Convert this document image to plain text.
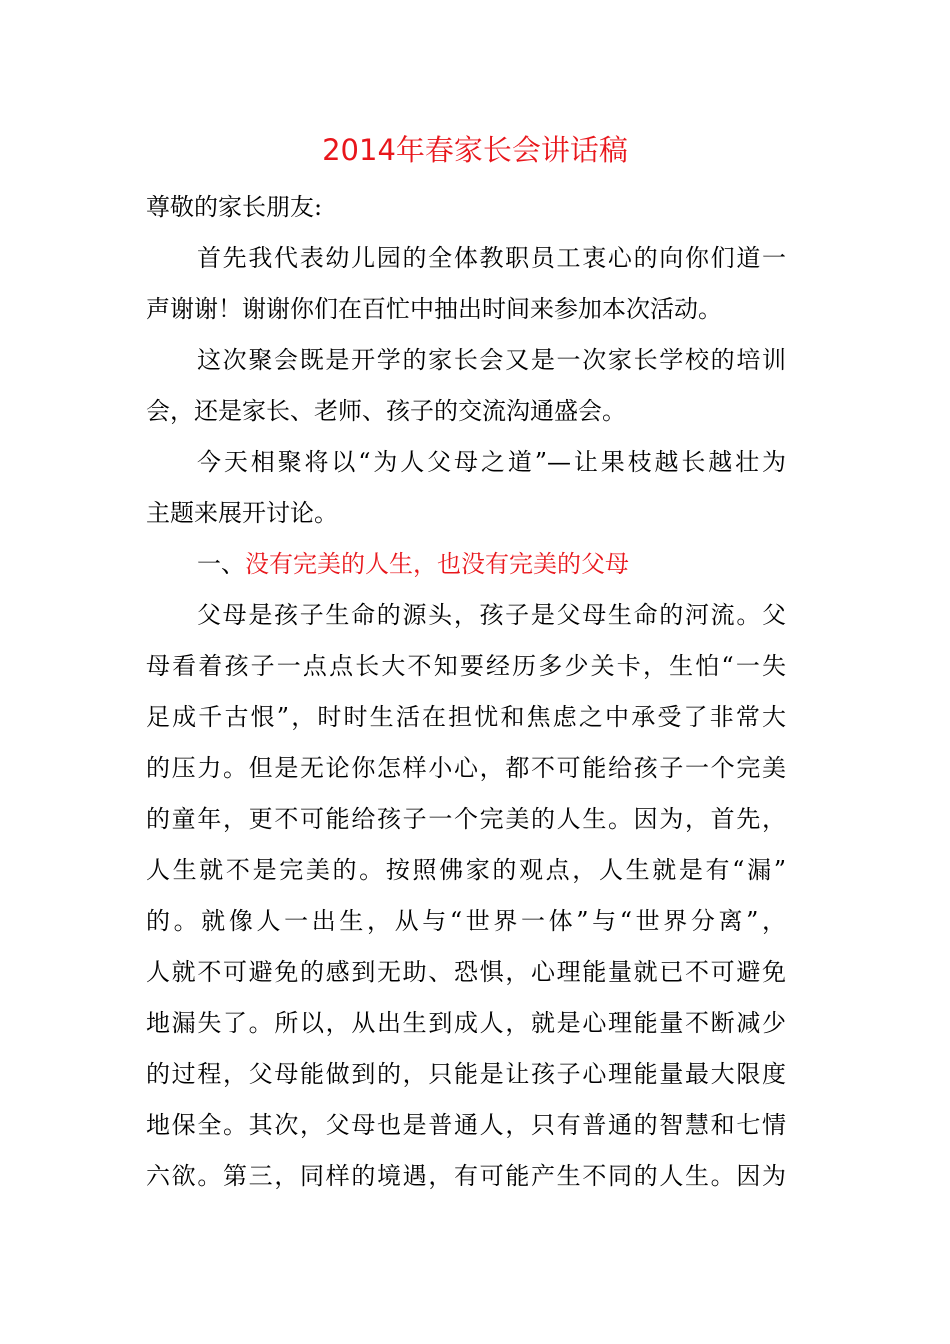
2014年春家长会讲话稿
尊敬的家长朋友:
首先我代表幼儿园的全体教职员工衷心的向你们道一
声谢谢！谢谢你们在百忙中抽出时间来参加本次活动。
这次聚会既是开学的家长会又是一次家长学校的培训
会，还是家长、老师、孩子的交流沟通盛会。
今天相聚将以“为人父母之道”—让果枝越长越壮为
主题来展开讨论。
一、没有完美的人生，也没有完美的父母
父母是孩子生命的源头，孩子是父母生命的河流。父
母看着孩子一点点长大不知要经历多少关卡，生怕“一失
足成千古恨”，时时生活在担忧和焦虑之中承受了非常大
的压力。但是无论你怎样小心，都不可能给孩子一个完美
的童年，更不可能给孩子一个完美的人生。因为，首先，
人生就不是完美的。按照佛家的观点，人生就是有“漏”
的。就像人一出生，从与“世界一体”与“世界分离”，
人就不可避免的感到无助、恐惧，心理能量就已不可避免
地漏失了。所以，从出生到成人，就是心理能量不断减少
的过程，父母能做到的，只能是让孩子心理能量最大限度
地保全。其次，父母也是普通人，只有普通的智慧和七情
六欲。第三，同样的境遇，有可能产生不同的人生。因为
